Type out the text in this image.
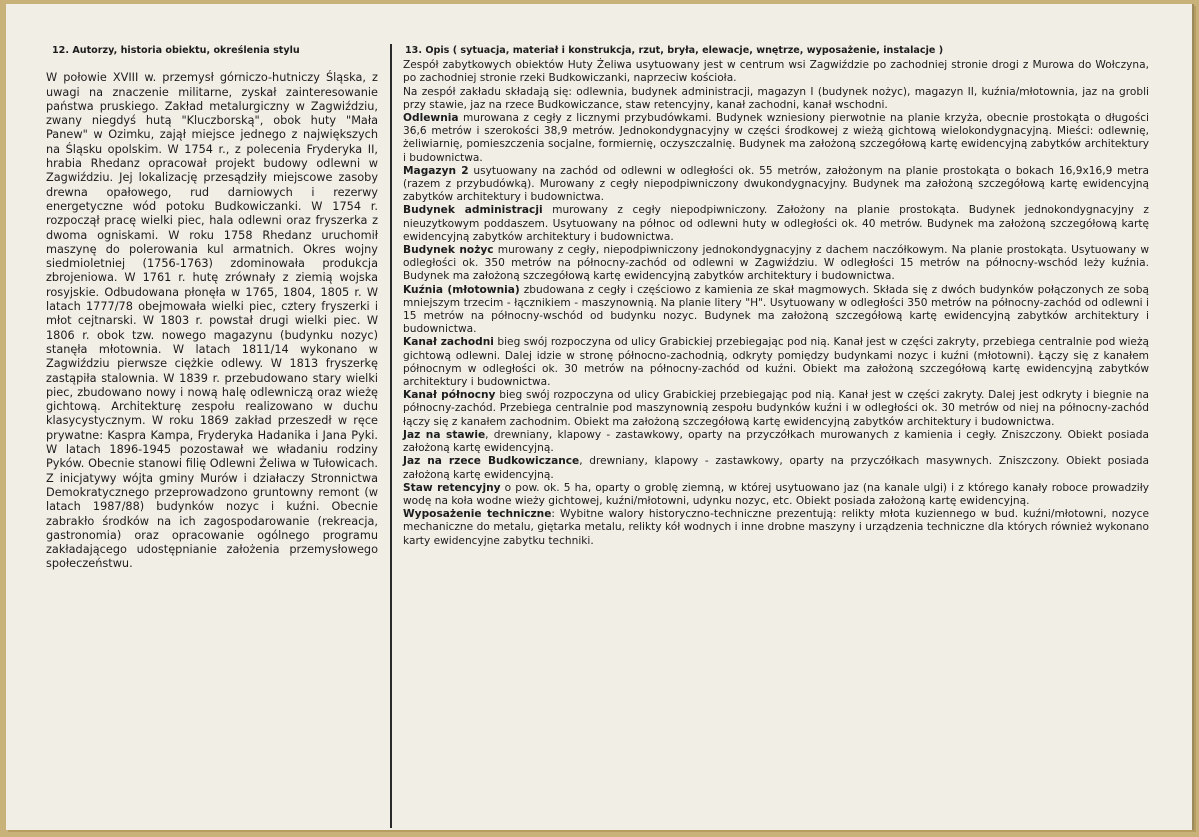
12. Autorzy, historia obiektu, określenia stylu

W połowie XVIII w. przemysł górniczo-hutniczy Śląska, z uwagi na znaczenie militarne, zyskał zainteresowanie państwa pruskiego. Zakład metalurgiczny w Zagwiździu, zwany niegdyś hutą "Kluczborską", obok huty "Mała Panew" w Ozimku, zajął miejsce jednego z największych na Śląsku opolskim. W 1754 r., z polecenia Fryderyka II, hrabia Rhedanz opracował projekt budowy odlewni w Zagwiździu. Jej lokalizację przesądziły miejscowe zasoby drewna opałowego, rud darniowych i rezerwy energetyczne wód potoku Budkowiczanki. W 1754 r. rozpoczął pracę wielki piec, hala odlewni oraz fryszerka z dwoma ogniskami. W roku 1758 Rhedanz uruchomił maszynę do polerowania kul armatnich. Okres wojny siedmioletniej (1756-1763) zdominowała produkcja zbrojeniowa. W 1761 r. hutę zrównały z ziemią wojska rosyjskie. Odbudowana płonęła w 1765, 1804, 1805 r. W latach 1777/78 obejmowała wielki piec, cztery fryszerki i młot cejtnarski. W 1803 r. powstał drugi wielki piec. W 1806 r. obok tzw. nowego magazynu (budynku nozyc) stanęła młotownia. W latach 1811/14 wykonano w Zagwiździu pierwsze ciężkie odlewy. W 1813 fryszerkę zastąpiła stalownia. W 1839 r. przebudowano stary wielki piec, zbudowano nowy i nową halę odlewniczą oraz wieżę gichtową. Architekturę zespołu realizowano w duchu klasycystycznym. W roku 1869 zakład przeszedł w ręce prywatne: Kaspra Kampa, Fryderyka Hadanika i Jana Pyki. W latach 1896-1945 pozostawał we władaniu rodziny Pyków. Obecnie stanowi filię Odlewni Żeliwa w Tułowicach. Z inicjatywy wójta gminy Murów i działaczy Stronnictwa Demokratycznego przeprowadzono gruntowny remont (w latach 1987/88) budynków nozyc i kuźni. Obecnie zabrakło środków na ich zagospodarowanie (rekreacja, gastronomia) oraz opracowanie ogólnego programu zakładającego udostępnianie założenia przemysłowego społeczeństwu.

13. Opis ( sytuacja, materiał i konstrukcja, rzut, bryła, elewacje, wnętrze, wyposażenie, instalacje )

Zespół zabytkowych obiektów Huty Żeliwa usytuowany jest w centrum wsi Zagwiździe po zachodniej stronie drogi z Murowa do Wołczyna, po zachodniej stronie rzeki Budkowiczanki, naprzeciw kościoła.

Na zespół zakładu składają się: odlewnia, budynek administracji, magazyn I (budynek nożyc), magazyn II, kuźnia/młotownia, jaz na grobli przy stawie, jaz na rzece Budkowiczance, staw retencyjny, kanał zachodni, kanał wschodni.

Odlewnia murowana z cegły z licznymi przybudówkami. Budynek wzniesiony pierwotnie na planie krzyża, obecnie prostokąta o długości 36,6 metrów i szerokości 38,9 metrów. Jednokondygnacyjny w części środkowej z wieżą gichtową wielokondygnacyjną. Mieści: odlewnię, żeliwiarnię, pomieszczenia socjalne, formiernię, oczyszczalnię. Budynek ma założoną szczegółową kartę ewidencyjną zabytków architektury i budownictwa.

Magazyn 2 usytuowany na zachód od odlewni w odległości ok. 55 metrów, założonym na planie prostokąta o bokach 16,9x16,9 metra (razem z przybudówką). Murowany z cegły niepodpiwniczony dwukondygnacyjny. Budynek ma założoną szczegółową kartę ewidencyjną zabytków architektury i budownictwa.

Budynek administracji murowany z cegły niepodpiwniczony. Założony na planie prostokąta. Budynek jednokondygnacyjny z nieuzytkowym poddaszem. Usytuowany na północ od odlewni huty w odległości ok. 40 metrów. Budynek ma założoną szczegółową kartę ewidencyjną zabytków architektury i budownictwa.

Budynek nożyc murowany z cegły, niepodpiwniczony jednokondygnacyjny z dachem naczółkowym. Na planie prostokąta. Usytuowany w odległości ok. 350 metrów na północny-zachód od odlewni w Zagwiździu. W odległości 15 metrów na północny-wschód leży kuźnia. Budynek ma założoną szczegółową kartę ewidencyjną zabytków architektury i budownictwa.

Kuźnia (młotownia) zbudowana z cegły i częściowo z kamienia ze skał magmowych. Składa się z dwóch budynków połączonych ze sobą mniejszym trzecim - łącznikiem - maszynownią. Na planie litery "H". Usytuowany w odległości 350 metrów na północny-zachód od odlewni i 15 metrów na północny-wschód od budynku nozyc. Budynek ma założoną szczegółową kartę ewidencyjną zabytków architektury i budownictwa.

Kanał zachodni bieg swój rozpoczyna od ulicy Grabickiej przebiegając pod nią. Kanał jest w części zakryty, przebiega centralnie pod wieżą gichtową odlewni. Dalej idzie w stronę północno-zachodnią, odkryty pomiędzy budynkami nozyc i kuźni (młotowni). Łączy się z kanałem północnym w odległości ok. 30 metrów na północny-zachód od kuźni. Obiekt ma założoną szczegółową kartę ewidencyjną zabytków architektury i budownictwa.

Kanał północny bieg swój rozpoczyna od ulicy Grabickiej przebiegając pod nią. Kanał jest w części zakryty. Dalej jest odkryty i biegnie na północny-zachód. Przebiega centralnie pod maszynownią zespołu budynków kuźni i w odległości ok. 30 metrów od niej na północny-zachód łączy się z kanałem zachodnim. Obiekt ma założoną szczegółową kartę ewidencyjną zabytków architektury i budownictwa.

Jaz na stawie, drewniany, klapowy - zastawkowy, oparty na przyczółkach murowanych z kamienia i cegły. Zniszczony. Obiekt posiada założoną kartę ewidencyjną.

Jaz na rzece Budkowiczance, drewniany, klapowy - zastawkowy, oparty na przyczółkach masywnych. Zniszczony. Obiekt posiada założoną kartę ewidencyjną.

Staw retencyjny o pow. ok. 5 ha, oparty o groblę ziemną, w której usytuowano jaz (na kanale ulgi) i z którego kanały roboce prowadziły wodę na koła wodne wieży gichtowej, kuźni/młotowni, udynku nozyc, etc. Obiekt posiada założoną kartę ewidencyjną.

Wyposażenie techniczne: Wybitne walory historyczno-techniczne prezentują: relikty młota kuziennego w bud. kuźni/młotowni, nozyce mechaniczne do metalu, giętarka metalu, relikty kół wodnych i inne drobne maszyny i urządzenia techniczne dla których również wykonano karty ewidencyjne zabytku techniki.
